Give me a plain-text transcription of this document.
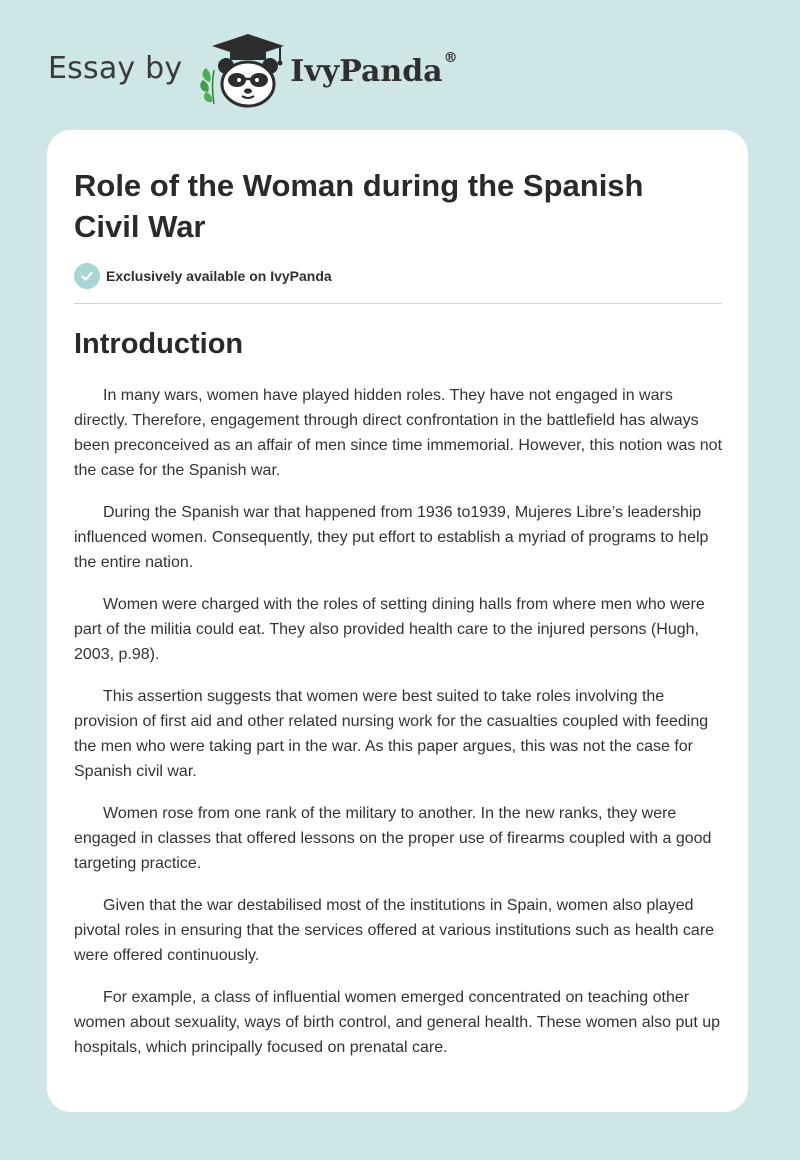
Essay by	IvyPanda®
Role of the Woman during the Spanish Civil War
Exclusively available on IvyPanda
Introduction

In many wars, women have played hidden roles. They have not engaged in wars directly. Therefore, engagement through direct confrontation in the battlefield has always been preconceived as an affair of men since time immemorial. However, this notion was not the case for the Spanish war.

During the Spanish war that happened from 1936 to1939, Mujeres Libre’s leadership influenced women. Consequently, they put effort to establish a myriad of programs to help the entire nation.

Women were charged with the roles of setting dining halls from where men who were part of the militia could eat. They also provided health care to the injured persons (Hugh, 2003, p.98).

This assertion suggests that women were best suited to take roles involving the provision of first aid and other related nursing work for the casualties coupled with feeding the men who were taking part in the war. As this paper argues, this was not the case for Spanish civil war.

Women rose from one rank of the military to another. In the new ranks, they were engaged in classes that offered lessons on the proper use of firearms coupled with a good targeting practice.

Given that the war destabilised most of the institutions in Spain, women also played pivotal roles in ensuring that the services offered at various institutions such as health care were offered continuously.

For example, a class of influential women emerged concentrated on teaching other women about sexuality, ways of birth control, and general health. These women also put up hospitals, which principally focused on prenatal care.
